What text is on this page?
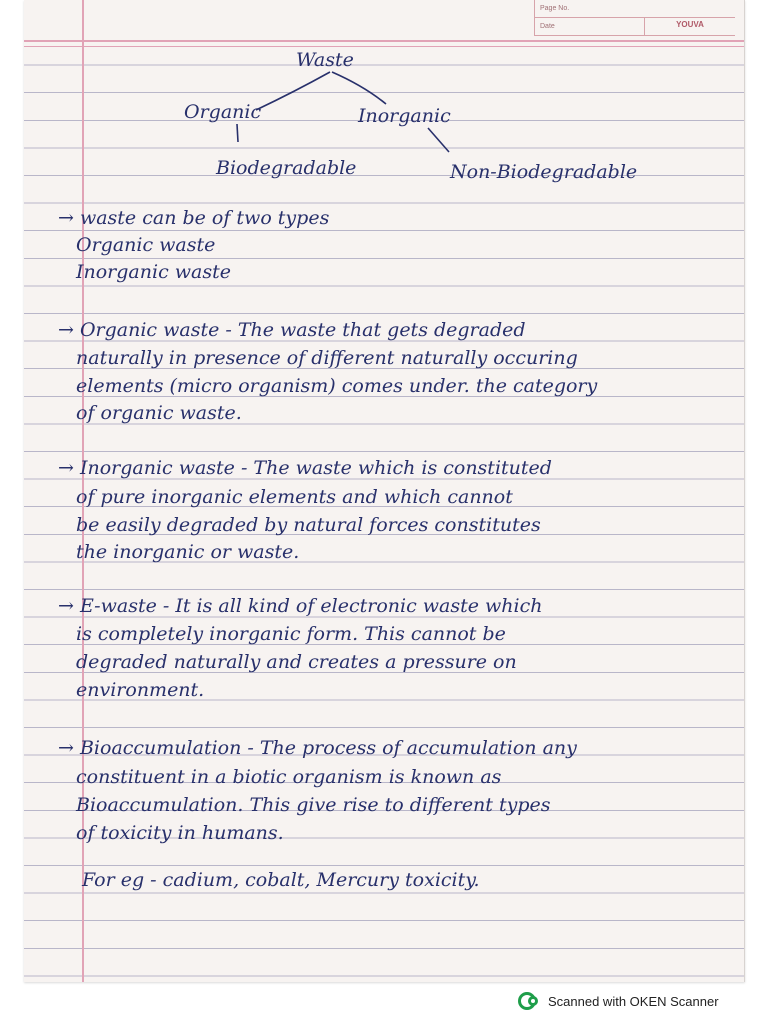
Page No.
Date	YOUVA
Waste
Organic	Inorganic
Biodegradable	Non-Biodegradable
→ waste can be of two types
Organic waste
Inorganic waste
→ Organic waste - The waste that gets degraded
naturally in presence of different naturally occuring
elements (micro organism) comes under. the category
of organic waste.
→ Inorganic waste - The waste which is constituted
of pure inorganic elements and which cannot
be easily degraded by natural forces constitutes
the inorganic or waste.
→ E-waste - It is all kind of electronic waste which
is completely inorganic form. This cannot be
degraded naturally and creates a pressure on
environment.
→ Bioaccumulation - The process of accumulation any
constituent in a biotic organism is known as
Bioaccumulation. This give rise to different types
of toxicity in humans.
For eg - cadium, cobalt, Mercury toxicity.
Scanned with OKEN Scanner
